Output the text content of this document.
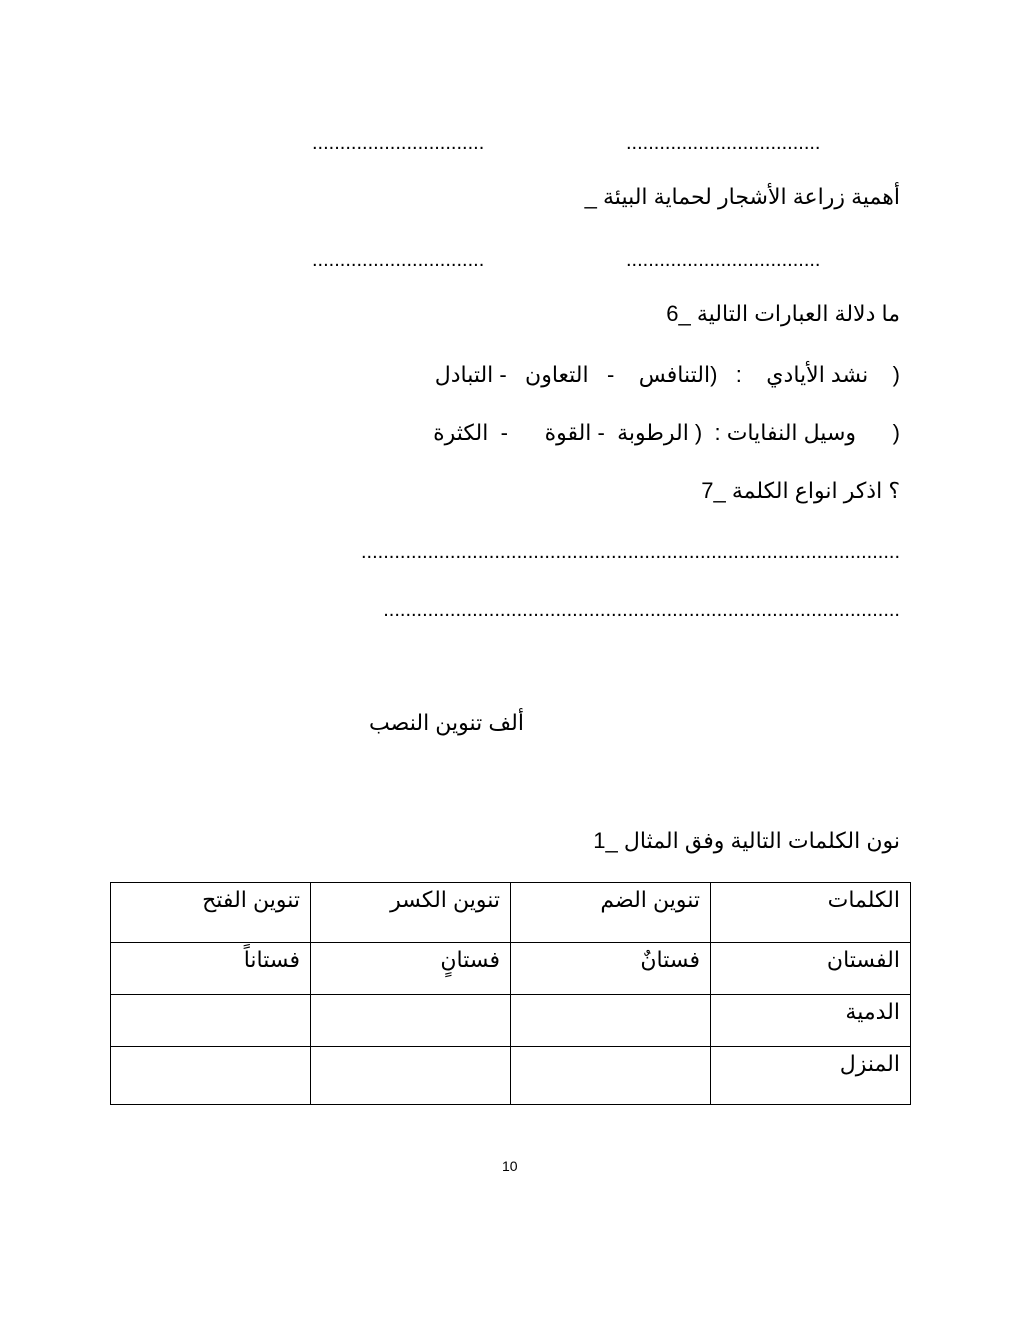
...................................
...............................
أهمية زراعة الأشجار لحماية البيئة _
...................................
...............................
ما دلالة العبارات التالية _6
(    نشد الأيادي    :   (التنافس    -   التعاون   - التبادل
(      وسيل النفايات :  ( الرطوبة  - القوة      -  الكثرة
؟ اذكر انواع الكلمة _7
.................................................................................................
.............................................................................................
ألف تنوين النصب
نون الكلمات التالية وفق المثال _1
الكلمات	تنوين الضم	تنوين الكسر	تنوين الفتح
الفستان	فستانٌ	فستانٍ	فستاناً
الدمية			
المنزل			
10
